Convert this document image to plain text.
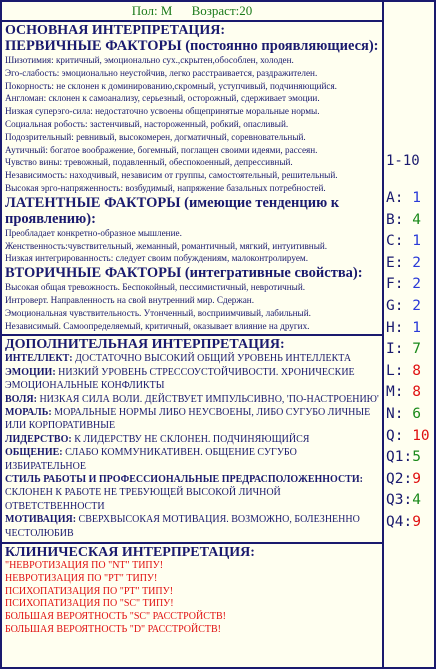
Пол: М Возраст:20
ОСНОВНАЯ ИНТЕРПРЕТАЦИЯ:
ПЕРВИЧНЫЕ ФАКТОРЫ (постоянно проявляющиеся):
Шизотимия: критичный, эмоционально сух.,скрытен,обособлен, холоден.
Эго-слабость: эмоционально неустойчив, легко расстраивается, раздражителен.
Покорность: не склонен к доминированию,скромный, уступчивый, подчиняющийся.
Англоман: склонен к самоанализу, серьезный, осторожный, сдерживает эмоции.
Низкая суперэго-сила: недостаточно усвоены общепринятые моральные нормы.
Социальная робость: застенчивый, настороженный, робкий, опасливый.
Подозрительный: ревнивый, высокомерен, догматичный, соревновательный.
Аутичный: богатое воображение, богемный, поглащен своими идеями, рассеян.
Чувство вины: тревожный, подавленный, обеспокоенный, депрессивный.
Независимость: находчивый, независим от группы, самостоятельный, решительный.
Высокая эрго-напряженность: возбудимый, напряжение базальных потребностей.
ЛАТЕНТНЫЕ ФАКТОРЫ (имеющие тенденцию к проявлению):
Преобладает конкретно-образное мышление.
Женственность:чувствительный, жеманный, романтичный, мягкий, интуитивный.
Низкая интегрированность: следует своим побуждениям, малоконтролируем.
ВТОРИЧНЫЕ ФАКТОРЫ (интегративные свойства):
Высокая общая тревожность. Беспокойный, пессимистичный, невротичный.
Интроверт. Направленность на свой внутренний мир. Сдержан.
Эмоциональная чувствительность. Утонченный, восприимчивый, лабильный.
Независимый. Самоопределяемый, критичный, оказывает влияние на других.
ДОПОЛНИТЕЛЬНАЯ ИНТЕРПРЕТАЦИЯ:
ИНТЕЛЛЕКТ: ДОСТАТОЧНО ВЫСОКИЙ ОБЩИЙ УРОВЕНЬ ИНТЕЛЛЕКТА
ЭМОЦИИ: НИЗКИЙ УРОВЕНЬ СТРЕССОУСТОЙЧИВОСТИ. ХРОНИЧЕСКИЕ ЭМОЦИОНАЛЬНЫЕ КОНФЛИКТЫ
ВОЛЯ: НИЗКАЯ СИЛА ВОЛИ. ДЕЙСТВУЕТ ИМПУЛЬСИВНО, 'ПО-НАСТРОЕНИЮ'
МОРАЛЬ: МОРАЛЬНЫЕ НОРМЫ ЛИБО НЕУСВОЕНЫ, ЛИБО СУГУБО ЛИЧНЫЕ ИЛИ КОРПОРАТИВНЫЕ
ЛИДЕРСТВО: К ЛИДЕРСТВУ НЕ СКЛОНЕН. ПОДЧИНЯЮЩИЙСЯ
ОБЩЕНИЕ: СЛАБО КОММУНИКАТИВЕН. ОБЩЕНИЕ СУГУБО ИЗБИРАТЕЛЬНОЕ
СТИЛЬ РАБОТЫ И ПРОФЕССИОНАЛЬНЫЕ ПРЕДРАСПОЛОЖЕННОСТИ: СКЛОНЕН К РАБОТЕ НЕ ТРЕБУЮЩЕЙ ВЫСОКОЙ ЛИЧНОЙ ОТВЕТСТВЕННОСТИ
МОТИВАЦИЯ: СВЕРХВЫСОКАЯ МОТИВАЦИЯ. ВОЗМОЖНО, БОЛЕЗНЕННО ЧЕСТОЛЮБИВ
КЛИНИЧЕСКАЯ ИНТЕРПРЕТАЦИЯ:
"НЕВРОТИЗАЦИЯ ПО "NT" ТИПУ!
НЕВРОТИЗАЦИЯ ПО "PT" ТИПУ!
ПСИХОПАТИЗАЦИЯ ПО "PT" ТИПУ!
ПСИХОПАТИЗАЦИЯ ПО "SC" ТИПУ!
БОЛЬШАЯ ВЕРОЯТНОСТЬ "SC" РАССТРОЙСТВ!
БОЛЬШАЯ ВЕРОЯТНОСТЬ "D" РАССТРОЙСТВ!
1-10
A: 1
B: 4
C: 1
E: 2
F: 2
G: 2
H: 1
I: 7
L: 8
M: 8
N: 6
Q: 10
Q1:5
Q2:9
Q3:4
Q4:9
